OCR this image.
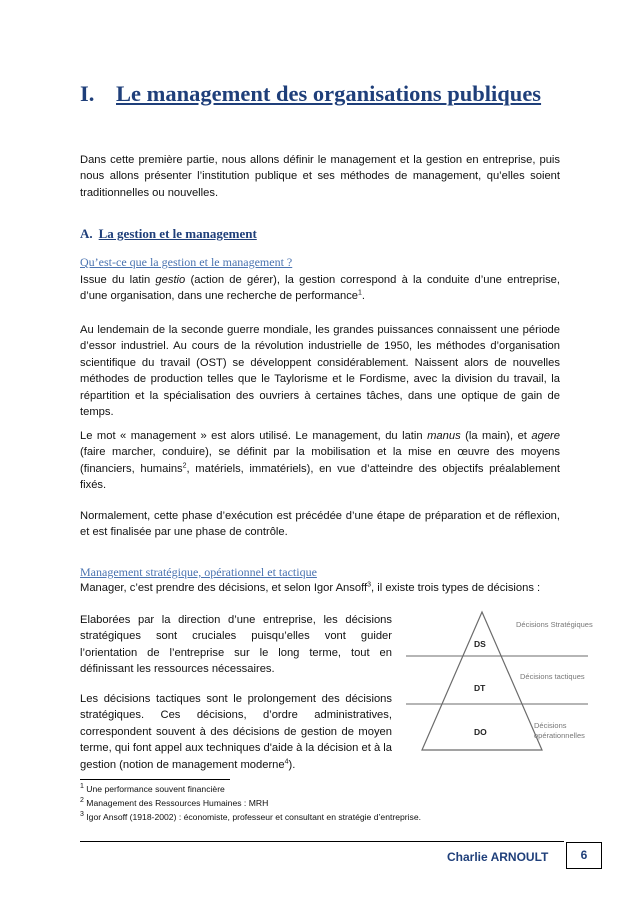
I. Le management des organisations publiques

Dans cette première partie, nous allons définir le management et la gestion en entreprise, puis nous allons présenter l’institution publique et ses méthodes de management, qu’elles soient traditionnelles ou nouvelles.

A. La gestion et le management
Qu’est-ce que la gestion et le management ?

Issue du latin gestio (action de gérer), la gestion correspond à la conduite d’une entreprise, d’une organisation, dans une recherche de performance$^1$.

Au lendemain de la seconde guerre mondiale, les grandes puissances connaissent une période d’essor industriel. Au cours de la révolution industrielle de 1950, les méthodes d’organisation scientifique du travail (OST) se développent considérablement. Naissent alors de nouvelles méthodes de production telles que le Taylorisme et le Fordisme, avec la division du travail, la répartition et la spécialisation des ouvriers à certaines tâches, dans une optique de gain de temps.

Le mot « management » est alors utilisé. Le management, du latin manus (la main), et agere (faire marcher, conduire), se définit par la mobilisation et la mise en œuvre des moyens (financiers, humains$^2$, matériels, immatériels), en vue d’atteindre des objectifs préalablement fixés.

Normalement, cette phase d’exécution est précédée d’une étape de préparation et de réflexion, et est finalisée par une phase de contrôle.

Management stratégique, opérationnel et tactique

Manager, c’est prendre des décisions, et selon Igor Ansoff$^3$, il existe trois types de décisions :

Elaborées par la direction d’une entreprise, les décisions stratégiques sont cruciales puisqu’elles vont guider l’orientation de l’entreprise sur le long terme, tout en définissant les ressources nécessaires.

Les décisions tactiques sont le prolongement des décisions stratégiques. Ces décisions, d’ordre administratives, correspondent souvent à des décisions de gestion de moyen terme, qui font appel aux techniques d'aide à la décision et à la gestion (notion de management moderne$^4$).

DS
DT
DO
Décisions Stratégiques
Décisions tactiques
Décisions opérationnelles
$^1$ Une performance souvent financière
$^2$ Management des Ressources Humaines : MRH
$^3$ Igor Ansoff (1918-2002) : économiste, professeur et consultant en stratégie d’entreprise.
Charlie ARNOULT	6
